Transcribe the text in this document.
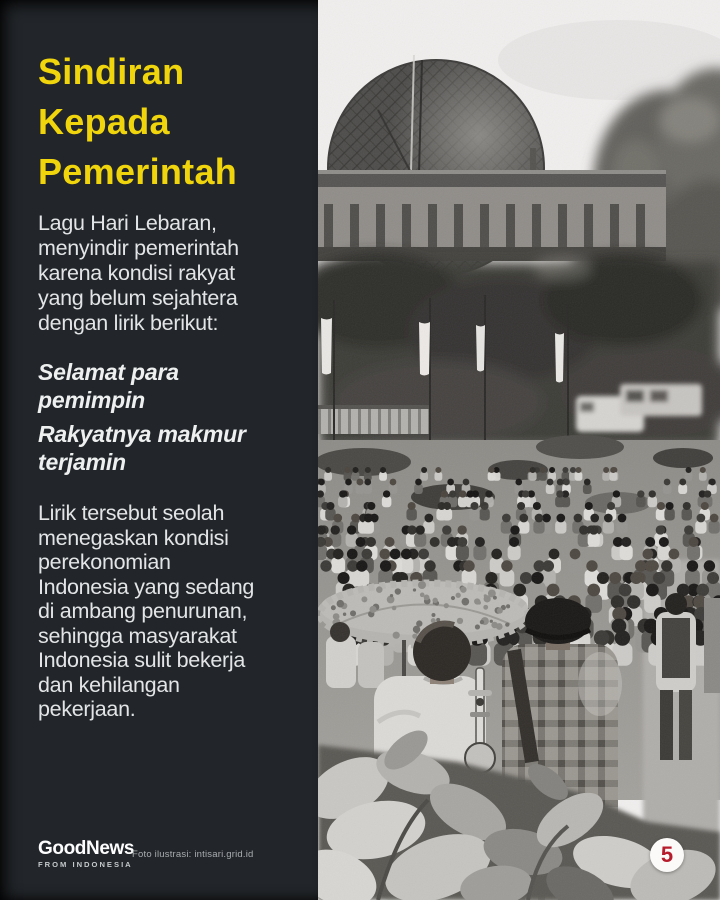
Sindiran
Kepada
Pemerintah
Lagu Hari Lebaran,
menyindir pemerintah
karena kondisi rakyat
yang belum sejahtera
dengan lirik berikut:
Selamat para
pemimpin
Rakyatnya makmur
terjamin
Lirik tersebut seolah
menegaskan kondisi
perekonomian
Indonesia yang sedang
di ambang penurunan,
sehingga masyarakat
Indonesia sulit bekerja
dan kehilangan
pekerjaan.
GoodNews
FROM INDONESIA
Foto ilustrasi: intisari.grid.id	5
